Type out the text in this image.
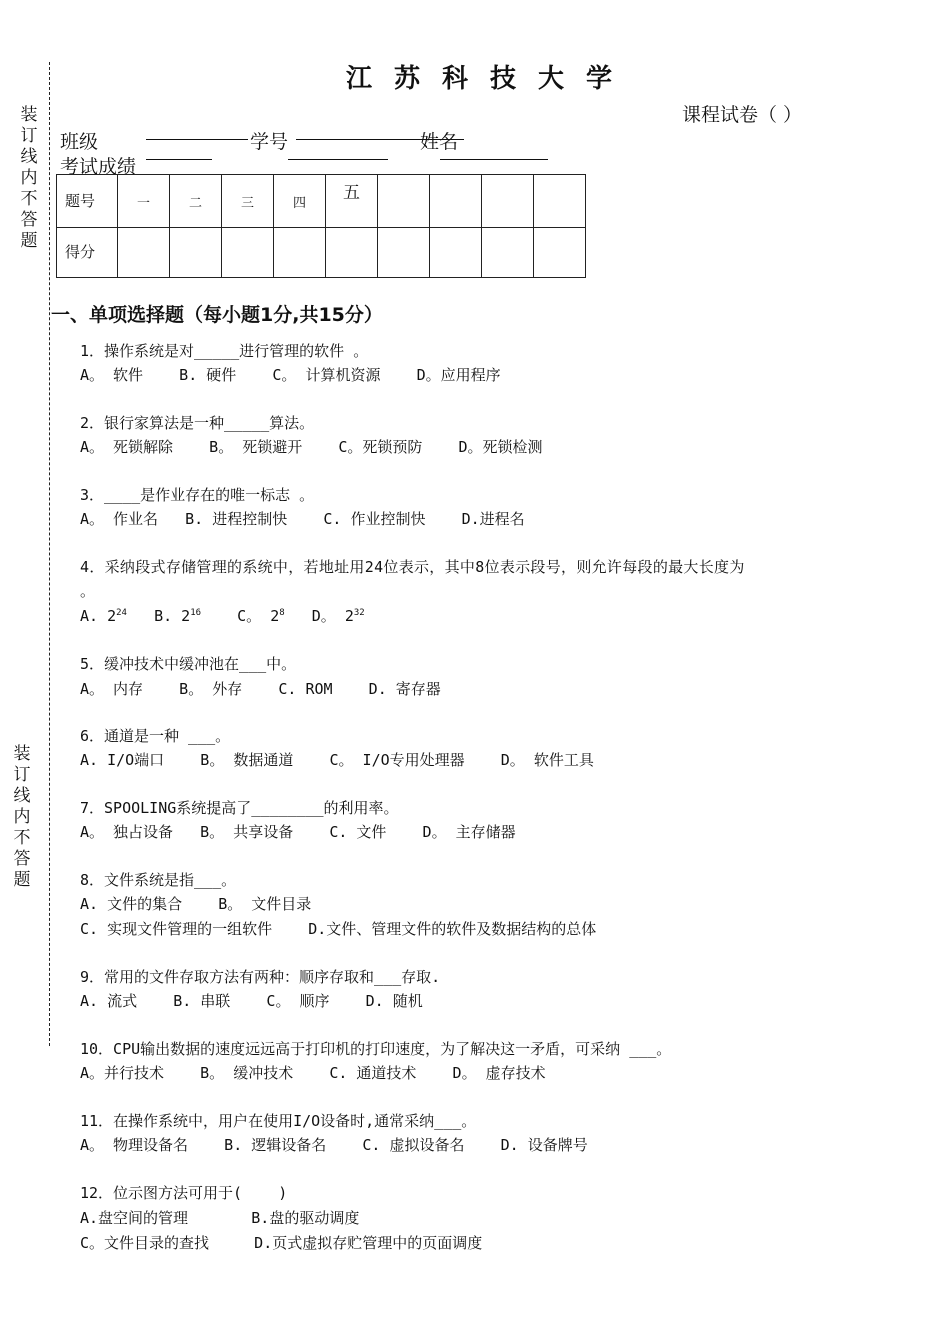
装订线内不答题
装订线内不答题
江苏科技大学
课程试卷（ ）
班级	学号	姓名
考试成绩
题号	一	二	三	四	五				
得分									
一、单项选择题（每小题1分,共15分）
1．操作系统是对_____进行管理的软件 。
A。 软件    B. 硬件    C。 计算机资源    D。应用程序
2．银行家算法是一种_____算法。
A。 死锁解除    B。 死锁避开    C。死锁预防    D。死锁检测
3．____是作业存在的唯一标志 。
A。 作业名   B. 进程控制快    C. 作业控制快    D.进程名
4．采纳段式存储管理的系统中，若地址用24位表示，其中8位表示段号，则允许每段的最大长度为
。
A. $2^{24}$ B. $2^{16}$ C。 $2^8$ D。 $2^{32}$
5．缓冲技术中缓冲池在___中。
A。 内存    B。 外存    C. ROM    D. 寄存器
6．通道是一种 ___。
A. I/O端口    B。 数据通道    C。 I/O专用处理器    D。 软件工具
7．SPOOLING系统提高了________的利用率。
A。 独占设备   B。 共享设备    C. 文件    D。 主存储器
8．文件系统是指___。
A. 文件的集合    B。 文件目录
C. 实现文件管理的一组软件    D.文件、管理文件的软件及数据结构的总体
9．常用的文件存取方法有两种：顺序存取和___存取.
A. 流式    B. 串联    C。 顺序    D. 随机
10．CPU输出数据的速度远远高于打印机的打印速度，为了解决这一矛盾，可采纳 ___。
A。并行技术    B。 缓冲技术    C. 通道技术    D。 虚存技术
11．在操作系统中，用户在使用I/O设备时,通常采纳___。
A。 物理设备名    B. 逻辑设备名    C. 虚拟设备名    D. 设备牌号
12．位示图方法可用于(    )
A.盘空间的管理       B.盘的驱动调度
C。文件目录的查找     D.页式虚拟存贮管理中的页面调度
